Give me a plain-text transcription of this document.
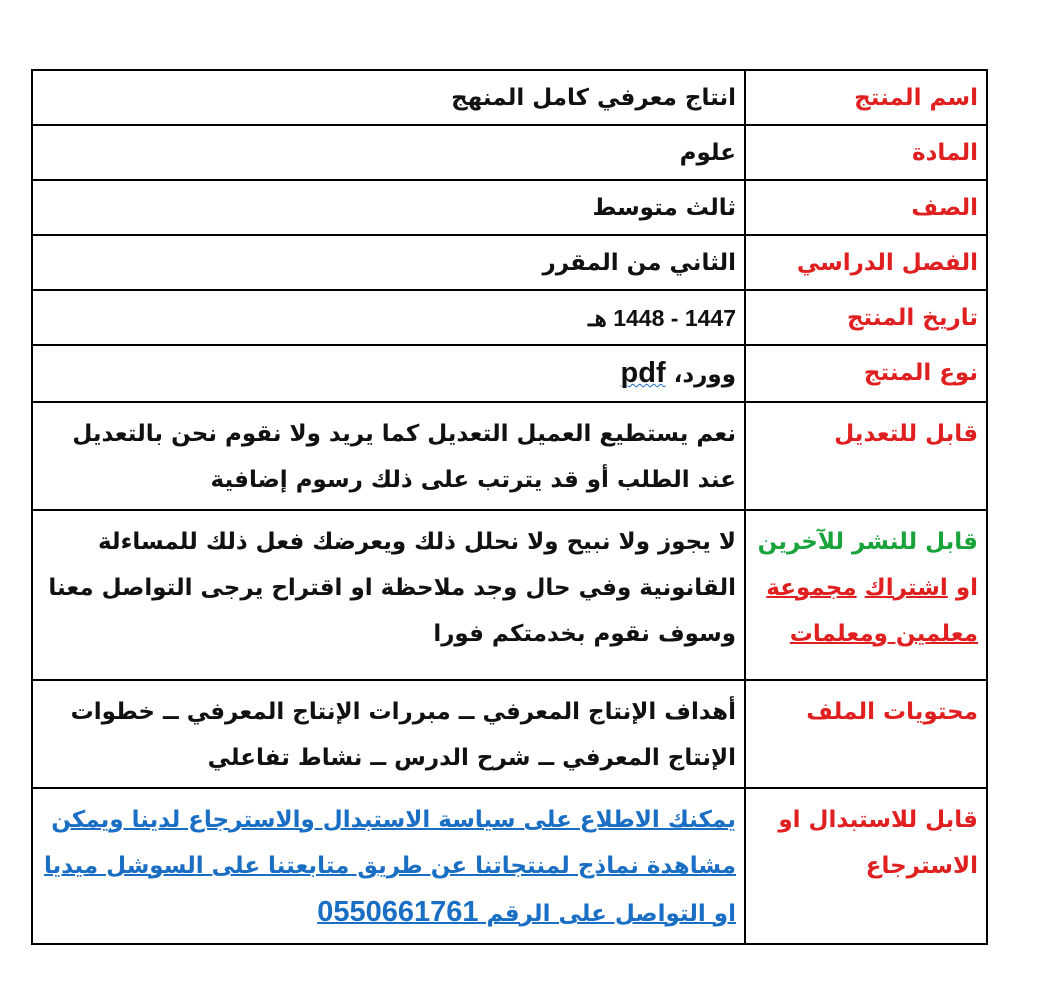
اسم المنتج	انتاج معرفي كامل المنهج
المادة	علوم
الصف	ثالث متوسط
الفصل الدراسي	الثاني من المقرر
تاريخ المنتج	1447 - 1448 هـ
نوع المنتج	وورد، pdf
قابل للتعديل	نعم يستطيع العميل التعديل كما يريد ولا نقوم نحن بالتعديل عند الطلب أو قد يترتب على ذلك رسوم إضافية
قابل للنشر للآخرين او اشتراك مجموعة معلمين ومعلمات	لا يجوز ولا نبيح ولا نحلل ذلك ويعرضك فعل ذلك للمساءلة القانونية وفي حال وجد ملاحظة او اقتراح يرجى التواصل معنا وسوف نقوم بخدمتكم فورا
محتويات الملف	أهداف الإنتاج المعرفي ــ مبررات الإنتاج المعرفي ــ خطوات الإنتاج المعرفي ــ شرح الدرس ــ نشاط تفاعلي
قابل للاستبدال او الاسترجاع	يمكنك الاطلاع على سياسة الاستبدال والاسترجاع لدينا ويمكن مشاهدة نماذج لمنتجاتنا عن طريق متابعتنا على السوشل ميديا او التواصل على الرقم 0550661761
